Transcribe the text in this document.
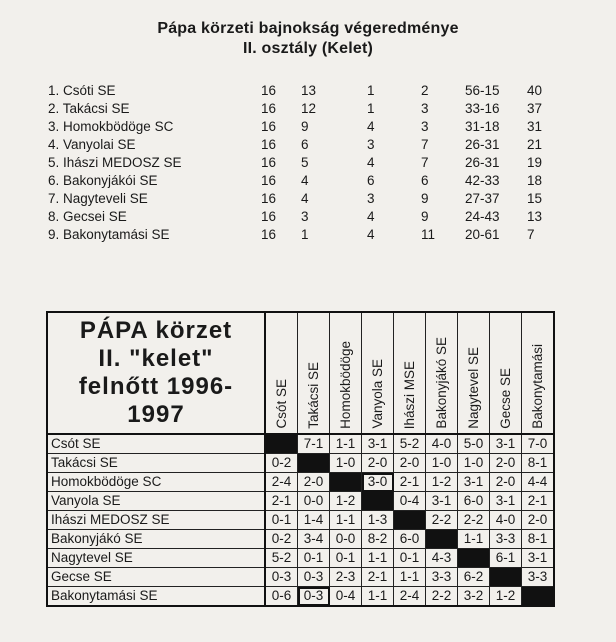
Pápa körzeti bajnokság végeredménye
II. osztály (Kelet)
1. Csóti SE	16	13	1	2	56-15	40
2. Takácsi SE	16	12	1	3	33-16	37
3. Homokbödöge SC	16	9	4	3	31-18	31
4. Vanyolai SE	16	6	3	7	26-31	21
5. Ihászi MEDOSZ SE	16	5	4	7	26-31	19
6. Bakonyjákói SE	16	4	6	6	42-33	18
7. Nagyteveli SE	16	4	3	9	27-37	15
8. Gecsei SE	16	3	4	9	24-43	13
9. Bakonytamási SE	16	1	4	11	20-61	7
PÁPA körzet
II. "kelet"
felnőtt 1996-
1997	Csót SE	Takácsi SE	Homokbödöge	Vanyola SE	Ihászi MSE	Bakonyjákó SE	Nagytevel SE	Gecse SE	Bakonytamási

Csót SE		7-1	1-1	3-1	5-2	4-0	5-0	3-1	7-0
Takácsi SE	0-2		1-0	2-0	2-0	1-0	1-0	2-0	8-1
Homokbödöge SC	2-4	2-0		3-0	2-1	1-2	3-1	2-0	4-4
Vanyola SE	2-1	0-0	1-2		0-4	3-1	6-0	3-1	2-1
Ihászi MEDOSZ SE	0-1	1-4	1-1	1-3		2-2	2-2	4-0	2-0
Bakonyjákó SE	0-2	3-4	0-0	8-2	6-0		1-1	3-3	8-1
Nagytevel SE	5-2	0-1	0-1	1-1	0-1	4-3		6-1	3-1
Gecse SE	0-3	0-3	2-3	2-1	1-1	3-3	6-2		3-3
Bakonytamási SE	0-6	0-3	0-4	1-1	2-4	2-2	3-2	1-2	
